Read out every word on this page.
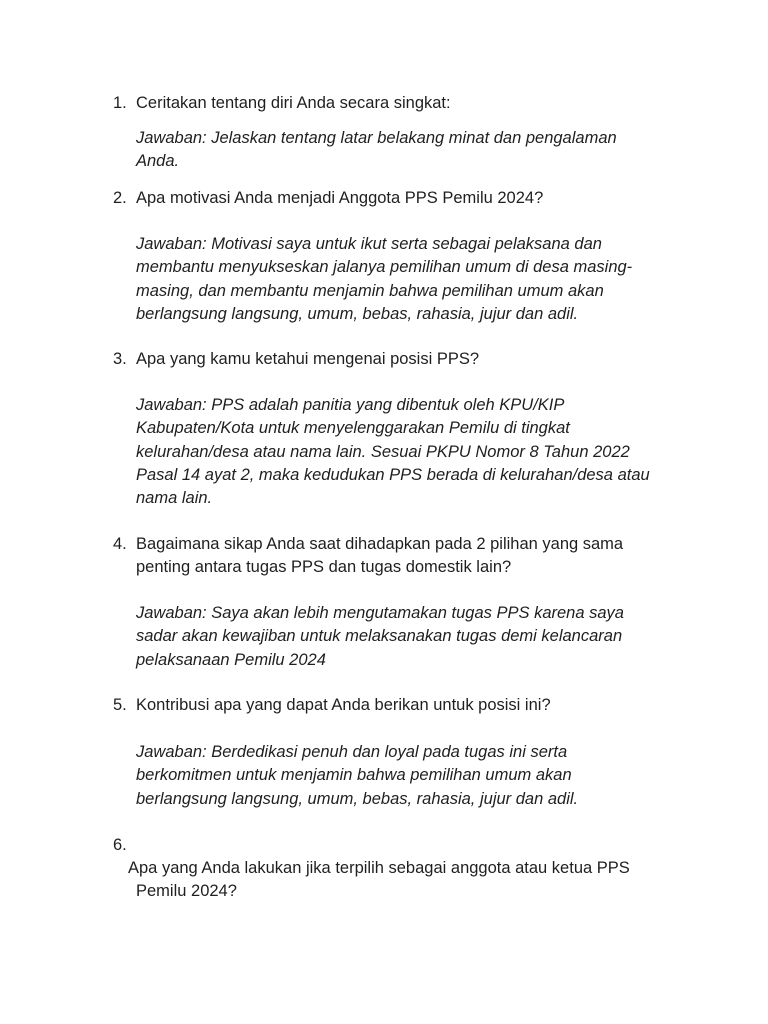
1. Ceritakan tentang diri Anda secara singkat:
Jawaban: Jelaskan tentang latar belakang minat dan pengalaman
Anda.
2. Apa motivasi Anda menjadi Anggota PPS Pemilu 2024?
Jawaban: Motivasi saya untuk ikut serta sebagai pelaksana dan
membantu menyukseskan jalanya pemilihan umum di desa masing-
masing, dan membantu menjamin bahwa pemilihan umum akan
berlangsung langsung, umum, bebas, rahasia, jujur dan adil.
3. Apa yang kamu ketahui mengenai posisi PPS?
Jawaban: PPS adalah panitia yang dibentuk oleh KPU/KIP
Kabupaten/Kota untuk menyelenggarakan Pemilu di tingkat
kelurahan/desa atau nama lain. Sesuai PKPU Nomor 8 Tahun 2022
Pasal 14 ayat 2, maka kedudukan PPS berada di kelurahan/desa atau
nama lain.
4. Bagaimana sikap Anda saat dihadapkan pada 2 pilihan yang sama
penting antara tugas PPS dan tugas domestik lain?
Jawaban: Saya akan lebih mengutamakan tugas PPS karena saya
sadar akan kewajiban untuk melaksanakan tugas demi kelancaran
pelaksanaan Pemilu 2024
5. Kontribusi apa yang dapat Anda berikan untuk posisi ini?
Jawaban: Berdedikasi penuh dan loyal pada tugas ini serta
berkomitmen untuk menjamin bahwa pemilihan umum akan
berlangsung langsung, umum, bebas, rahasia, jujur dan adil.
6.

Apa yang Anda lakukan jika terpilih sebagai anggota atau ketua PPS
Pemilu 2024?
